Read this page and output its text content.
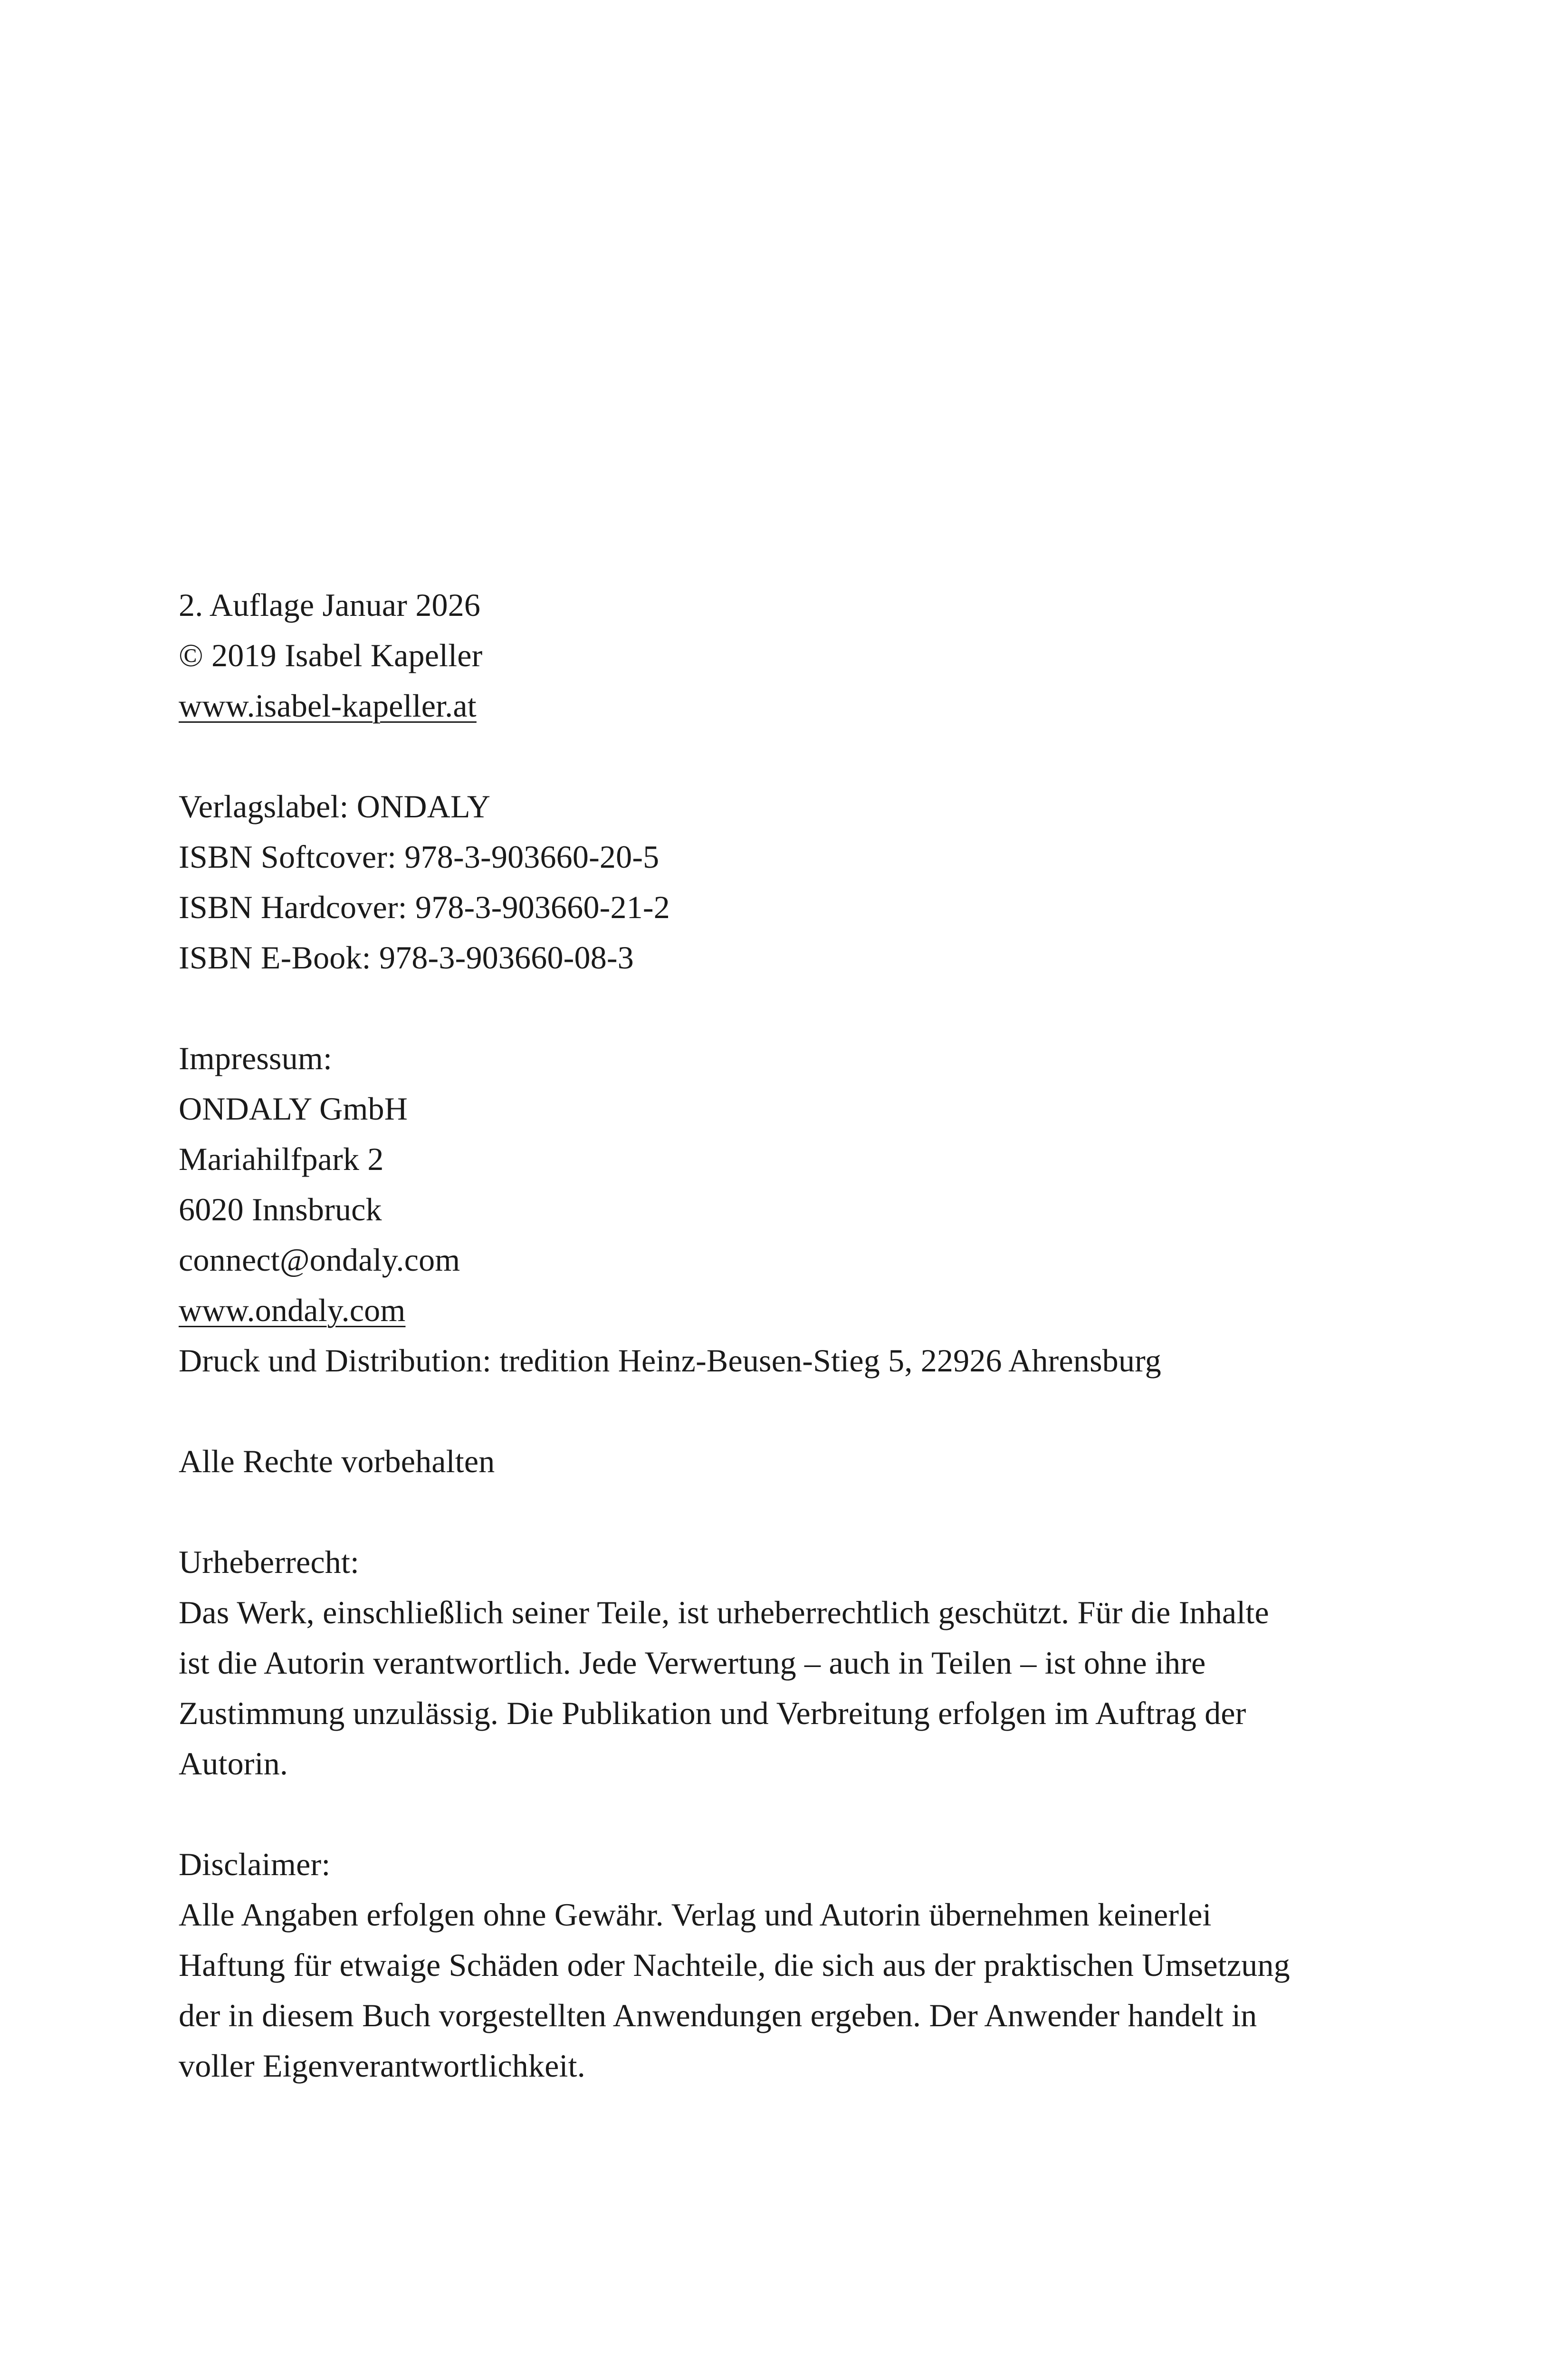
2. Auflage Januar 2026
© 2019 Isabel Kapeller
www.isabel-kapeller.at
Verlagslabel: ONDALY
ISBN Softcover: 978-3-903660-20-5
ISBN Hardcover: 978-3-903660-21-2
ISBN E-Book: 978-3-903660-08-3
Impressum:
ONDALY GmbH
Mariahilfpark 2
6020 Innsbruck
connect@ondaly.com
www.ondaly.com
Druck und Distribution: tredition Heinz-Beusen-Stieg 5, 22926 Ahrensburg
Alle Rechte vorbehalten
Urheberrecht:
Das Werk, einschließlich seiner Teile, ist urheberrechtlich geschützt. Für die Inhalte ist die Autorin verantwortlich. Jede Verwertung – auch in Teilen – ist ohne ihre Zustimmung unzulässig. Die Publikation und Verbreitung erfolgen im Auftrag der Autorin.
Disclaimer:
Alle Angaben erfolgen ohne Gewähr. Verlag und Autorin übernehmen keinerlei Haftung für etwaige Schäden oder Nachteile, die sich aus der praktischen Umsetzung der in diesem Buch vorgestellten Anwendungen ergeben. Der Anwender handelt in voller Eigenverantwortlichkeit.
